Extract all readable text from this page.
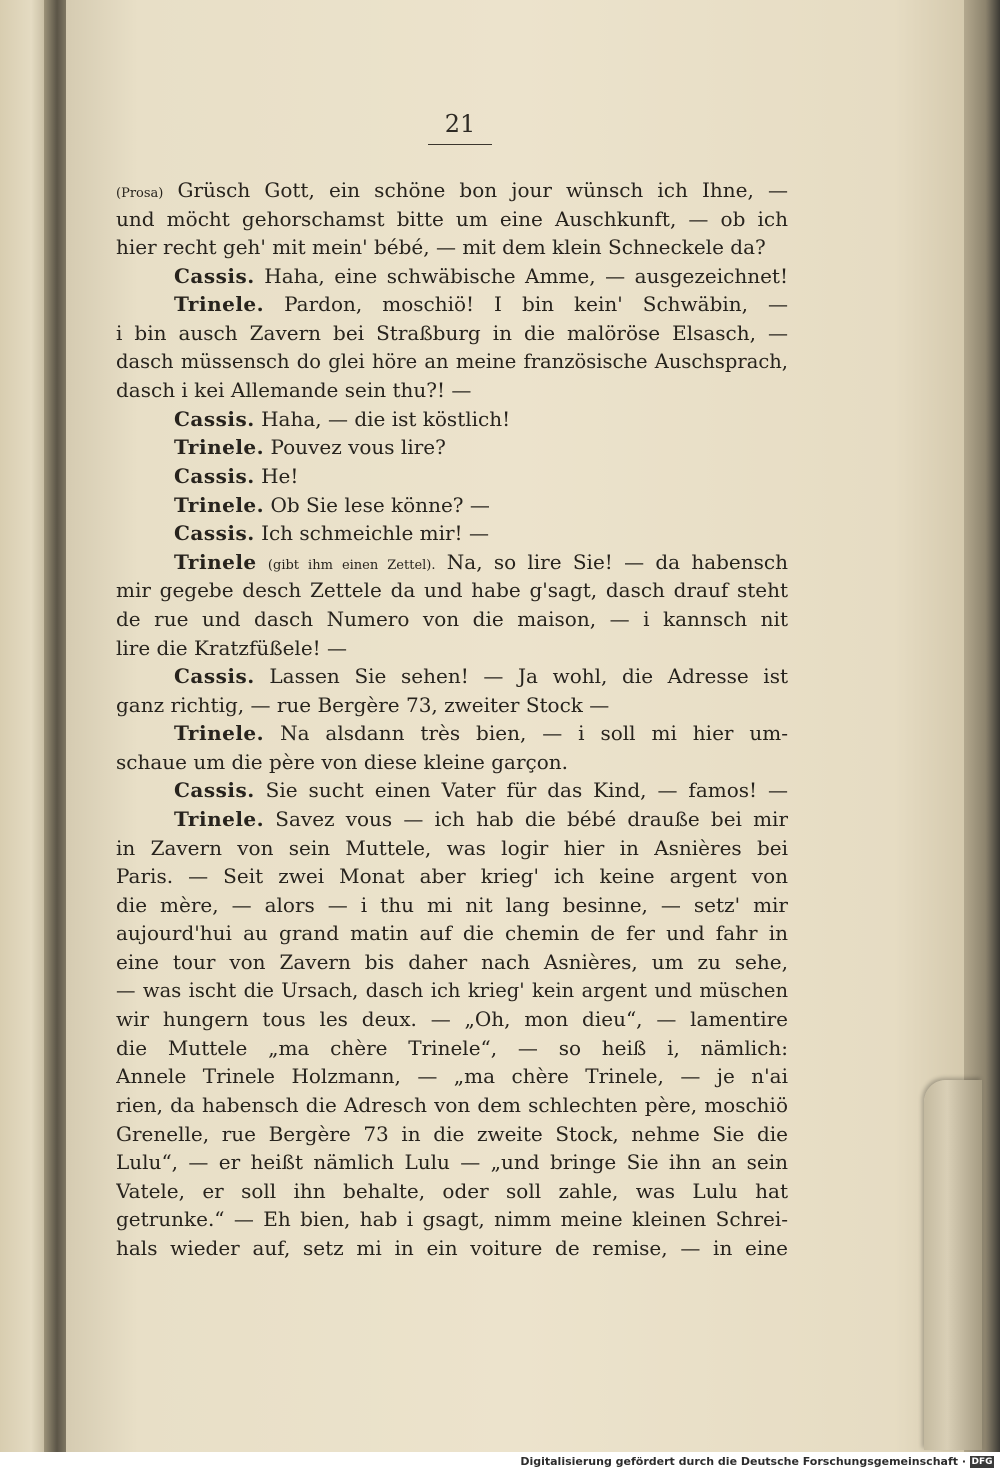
21
(Prosa) Grüsch Gott, ein schöne bon jour wünsch ich Ihne, —
und möcht gehorschamst bitte um eine Auschkunft, — ob ich
hier recht geh' mit mein' bébé, — mit dem klein Schneckele da?
Cassis. Haha, eine schwäbische Amme, — ausgezeichnet!
Trinele. Pardon, moschiö! I bin kein' Schwäbin, —
i bin ausch Zavern bei Straßburg in die malöröse Elsasch, —
dasch müssensch do glei höre an meine französische Auschsprach,
dasch i kei Allemande sein thu?! —
Cassis. Haha, — die ist köstlich!
Trinele. Pouvez vous lire?
Cassis. He!
Trinele. Ob Sie lese könne? —
Cassis. Ich schmeichle mir! —
Trinele (gibt ihm einen Zettel). Na, so lire Sie! — da habensch
mir gegebe desch Zettele da und habe g'sagt, dasch drauf steht
de rue und dasch Numero von die maison, — i kannsch nit
lire die Kratzfüßele! —
Cassis. Lassen Sie sehen! — Ja wohl, die Adresse ist
ganz richtig, — rue Bergère 73, zweiter Stock —
Trinele. Na alsdann très bien, — i soll mi hier um-
schaue um die père von diese kleine garçon.
Cassis. Sie sucht einen Vater für das Kind, — famos! —
Trinele. Savez vous — ich hab die bébé drauße bei mir
in Zavern von sein Muttele, was logir hier in Asnières bei
Paris. — Seit zwei Monat aber krieg' ich keine argent von
die mère, — alors — i thu mi nit lang besinne, — setz' mir
aujourd'hui au grand matin auf die chemin de fer und fahr in
eine tour von Zavern bis daher nach Asnières, um zu sehe,
— was ischt die Ursach, dasch ich krieg' kein argent und müschen
wir hungern tous les deux. — „Oh, mon dieu“, — lamentire
die Muttele „ma chère Trinele“, — so heiß i, nämlich:
Annele Trinele Holzmann, — „ma chère Trinele, — je n'ai
rien, da habensch die Adresch von dem schlechten père, moschiö
Grenelle, rue Bergère 73 in die zweite Stock, nehme Sie die
Lulu“, — er heißt nämlich Lulu — „und bringe Sie ihn an sein
Vatele, er soll ihn behalte, oder soll zahle, was Lulu hat
getrunke.“ — Eh bien, hab i gsagt, nimm meine kleinen Schrei-
hals wieder auf, setz mi in ein voiture de remise, — in eine
Digitalisierung gefördert durch die Deutsche Forschungsgemeinschaft · DFG
